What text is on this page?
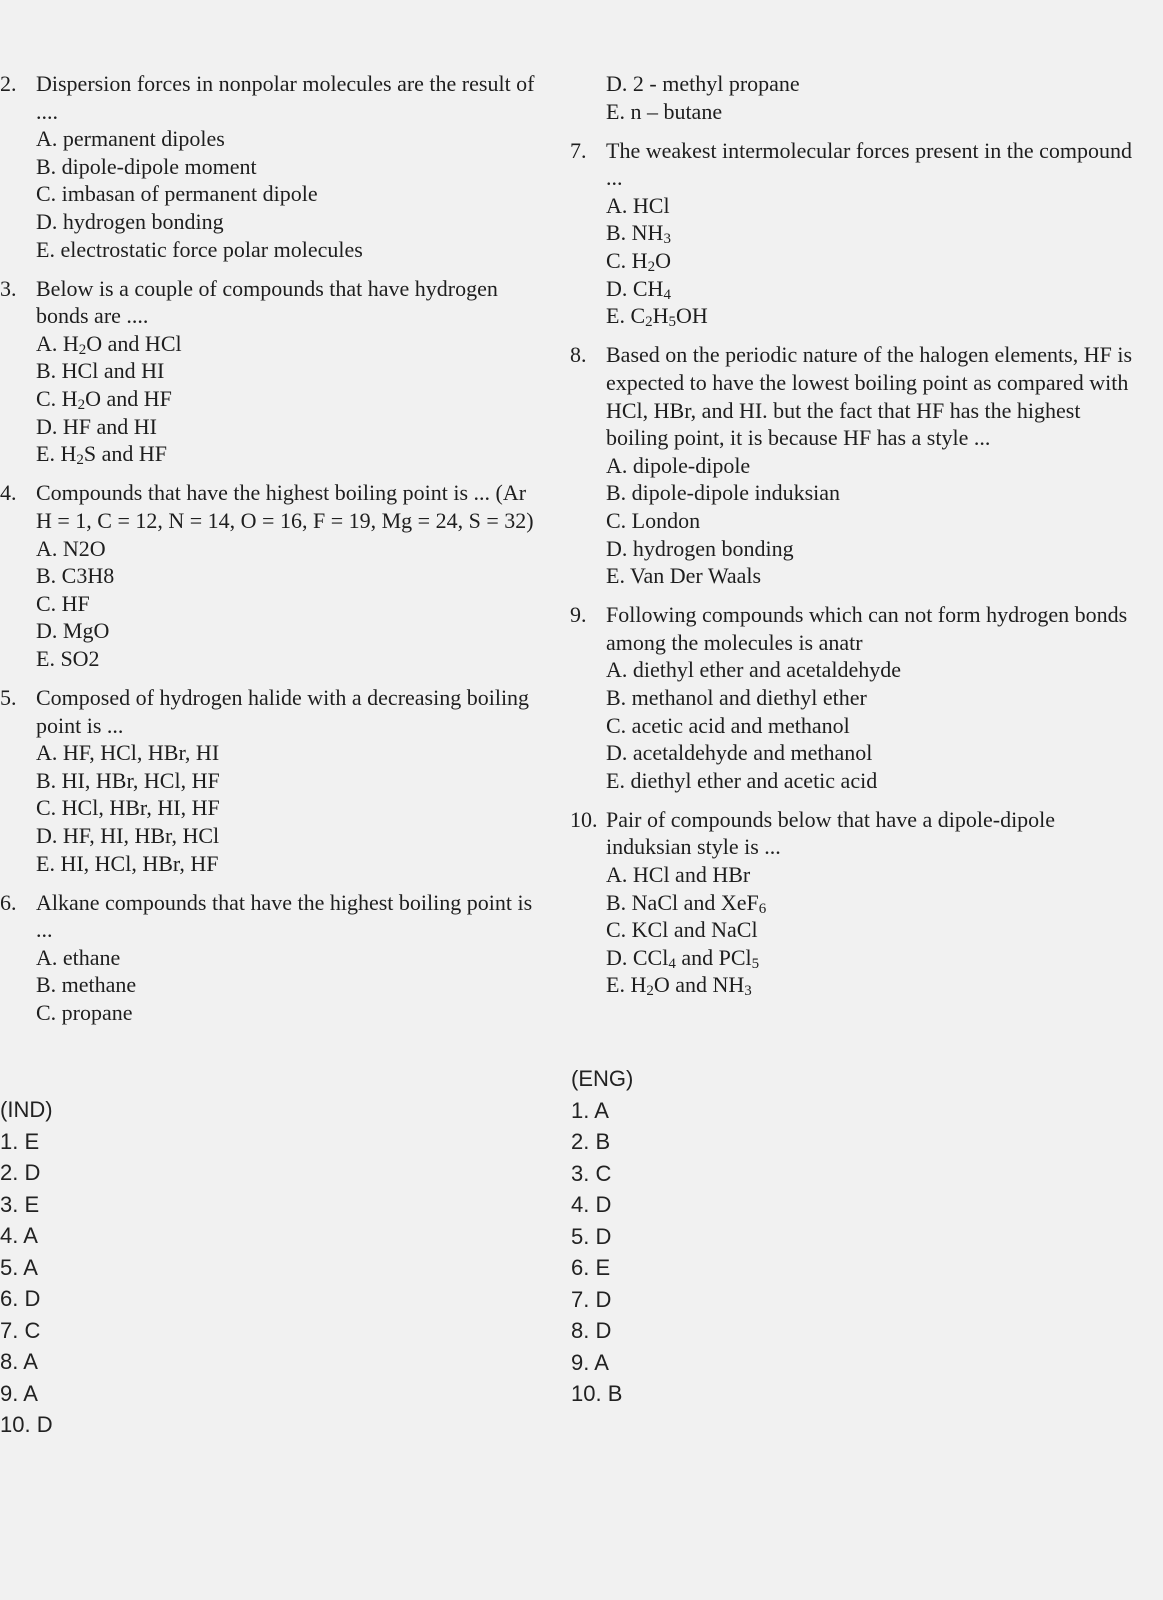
2. Dispersion forces in nonpolar molecules are the result of ....
A. permanent dipoles
B. dipole-dipole moment
C. imbasan of permanent dipole
D. hydrogen bonding
E. electrostatic force polar molecules
3. Below is a couple of compounds that have hydrogen bonds are ....
A. $H_2O$ and HCl
B. HCl and HI
C. $H_2O$ and HF
D. HF and HI
E. $H_2S$ and HF
4. Compounds that have the highest boiling point is ... (Ar H = 1, C = 12, N = 14, O = 16, F = 19, Mg = 24, S = 32)
A. N2O
B. C3H8
C. HF
D. MgO
E. SO2
5. Composed of hydrogen halide with a decreasing boiling point is ...
A. HF, HCl, HBr, HI
B. HI, HBr, HCl, HF
C. HCl, HBr, HI, HF
D. HF, HI, HBr, HCl
E. HI, HCl, HBr, HF
6. Alkane compounds that have the highest boiling point is ...
A. ethane
B. methane
C. propane
D. 2 - methyl propane
E. n – butane
7. The weakest intermolecular forces present in the compound ...
A. HCl
B. $NH_3$
C. $H_2O$
D. $CH_4$
E. $C_2H_5OH$
8. Based on the periodic nature of the halogen elements, HF is expected to have the lowest boiling point as compared with HCl, HBr, and HI. but the fact that HF has the highest boiling point, it is because HF has a style ...
A. dipole-dipole
B. dipole-dipole induksian
C. London
D. hydrogen bonding
E. Van Der Waals
9. Following compounds which can not form hydrogen bonds among the molecules is anatr
A. diethyl ether and acetaldehyde
B. methanol and diethyl ether
C. acetic acid and methanol
D. acetaldehyde and methanol
E. diethyl ether and acetic acid
10. Pair of compounds below that have a dipole-dipole induksian style is ...
A. HCl and HBr
B. NaCl and XeF$_6$
C. KCl and NaCl
D. CCl$_4$ and PCl$_5$
E. $H_2O$ and $NH_3$
(IND)
1. E
2. D
3. E
4. A
5. A
6. D
7. C
8. A
9. A
10. D
(ENG)
1. A
2. B
3. C
4. D
5. D
6. E
7. D
8. D
9. A
10. B
